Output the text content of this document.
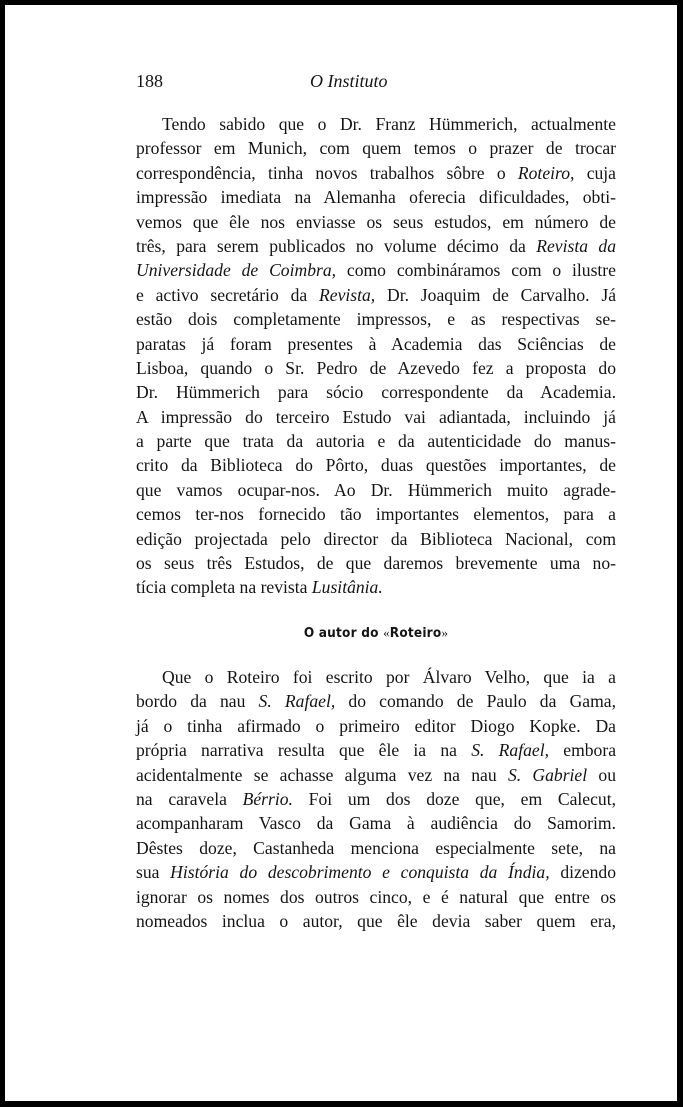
188	O Instituto
Tendo sabido que o Dr. Franz Hümmerich, actualmente
professor em Munich, com quem temos o prazer de trocar
correspondência, tinha novos trabalhos sôbre o Roteiro, cuja
impressão imediata na Alemanha oferecia dificuldades, obti-
vemos que êle nos enviasse os seus estudos, em número de
três, para serem publicados no volume décimo da Revista da
Universidade de Coimbra, como combináramos com o ilustre
e activo secretário da Revista, Dr. Joaquim de Carvalho. Já
estão dois completamente impressos, e as respectivas se-
paratas já foram presentes à Academia das Sciências de
Lisboa, quando o Sr. Pedro de Azevedo fez a proposta do
Dr. Hümmerich para sócio correspondente da Academia.
A impressão do terceiro Estudo vai adiantada, incluindo já
a parte que trata da autoria e da autenticidade do manus-
crito da Biblioteca do Pôrto, duas questões importantes, de
que vamos ocupar-nos. Ao Dr. Hümmerich muito agrade-
cemos ter-nos fornecido tão importantes elementos, para a
edição projectada pelo director da Biblioteca Nacional, com
os seus três Estudos, de que daremos brevemente uma no-
tícia completa na revista Lusitânia.
O autor do «Roteiro»
Que o Roteiro foi escrito por Álvaro Velho, que ia a
bordo da nau S. Rafael, do comando de Paulo da Gama,
já o tinha afirmado o primeiro editor Diogo Kopke. Da
própria narrativa resulta que êle ia na S. Rafael, embora
acidentalmente se achasse alguma vez na nau S. Gabriel ou
na caravela Bérrio. Foi um dos doze que, em Calecut,
acompanharam Vasco da Gama à audiência do Samorim.
Dêstes doze, Castanheda menciona especialmente sete, na
sua História do descobrimento e conquista da Índia, dizendo
ignorar os nomes dos outros cinco, e é natural que entre os
nomeados inclua o autor, que êle devia saber quem era,
